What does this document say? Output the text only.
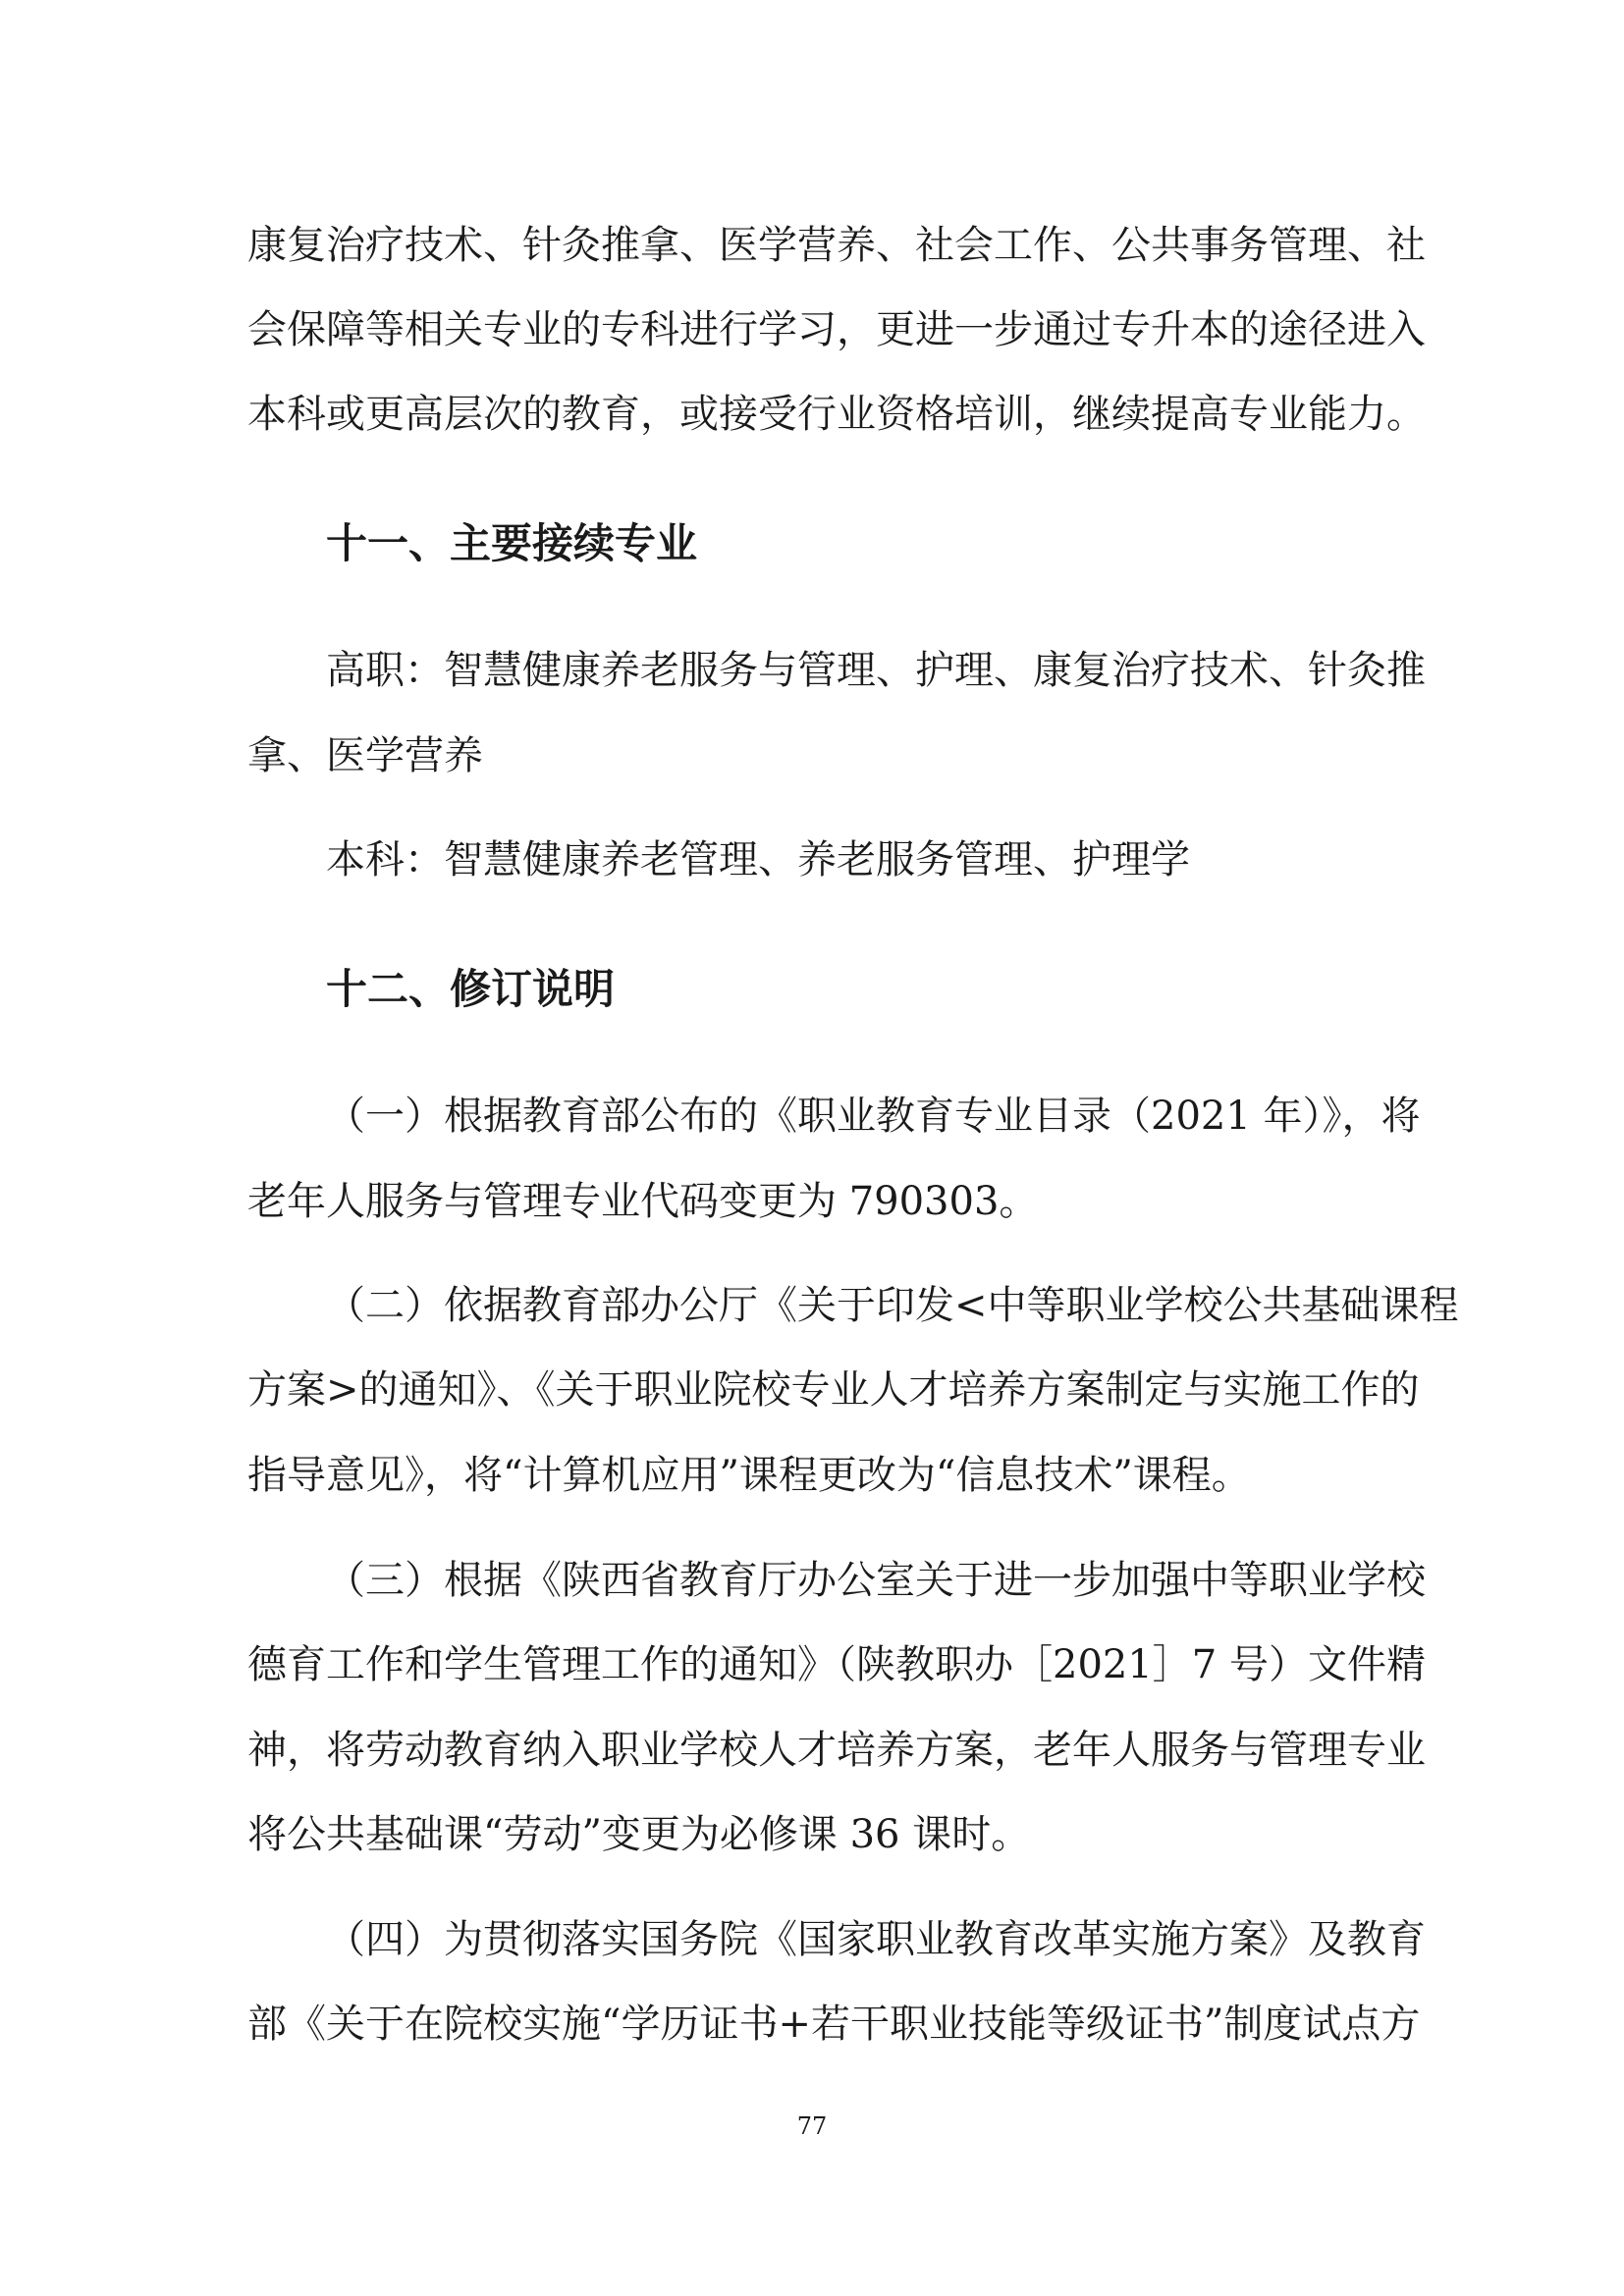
康复治疗技术、针灸推拿、医学营养、社会工作、公共事务管理、社
会保障等相关专业的专科进行学习，更进一步通过专升本的途径进入
本科或更高层次的教育，或接受行业资格培训，继续提高专业能力。
十一、主要接续专业
高职：智慧健康养老服务与管理、护理、康复治疗技术、针灸推
拿、医学营养
本科：智慧健康养老管理、养老服务管理、护理学
十二、修订说明
（一）根据教育部公布的《职业教育专业目录（2021 年）》，将
老年人服务与管理专业代码变更为 790303。
（二）依据教育部办公厅《关于印发<中等职业学校公共基础课程
方案>的通知》、《关于职业院校专业人才培养方案制定与实施工作的
指导意见》，将“计算机应用”课程更改为“信息技术”课程。
（三）根据《陕西省教育厅办公室关于进一步加强中等职业学校
德育工作和学生管理工作的通知》（陕教职办［2021］7 号）文件精
神，将劳动教育纳入职业学校人才培养方案，老年人服务与管理专业
将公共基础课“劳动”变更为必修课 36 课时。
（四）为贯彻落实国务院《国家职业教育改革实施方案》及教育
部《关于在院校实施“学历证书+若干职业技能等级证书”制度试点方
77
